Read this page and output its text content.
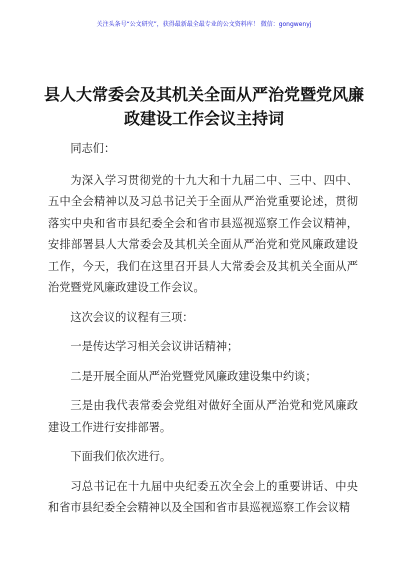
关注头条号“公文研究”，获得最新最全最专业的公文资料库！ 微信：gongwenyj
县人大常委会及其机关全面从严治党暨党风廉
政建设工作会议主持词

同志们：

为深入学习贯彻党的十九大和十九届二中、三中、四中、五中全会精神以及习总书记关于全面从严治党重要论述，贯彻落实中央和省市县纪委全会和省市县巡视巡察工作会议精神，安排部署县人大常委会及其机关全面从严治党和党风廉政建设工作，今天，我们在这里召开县人大常委会及其机关全面从严治党暨党风廉政建设工作会议。

这次会议的议程有三项：

一是传达学习相关会议讲话精神；

二是开展全面从严治党暨党风廉政建设集中约谈；

三是由我代表常委会党组对做好全面从严治党和党风廉政建设工作进行安排部署。

下面我们依次进行。

习总书记在十九届中央纪委五次全会上的重要讲话、中央和省市县纪委全会精神以及全国和省市县巡视巡察工作会议精
